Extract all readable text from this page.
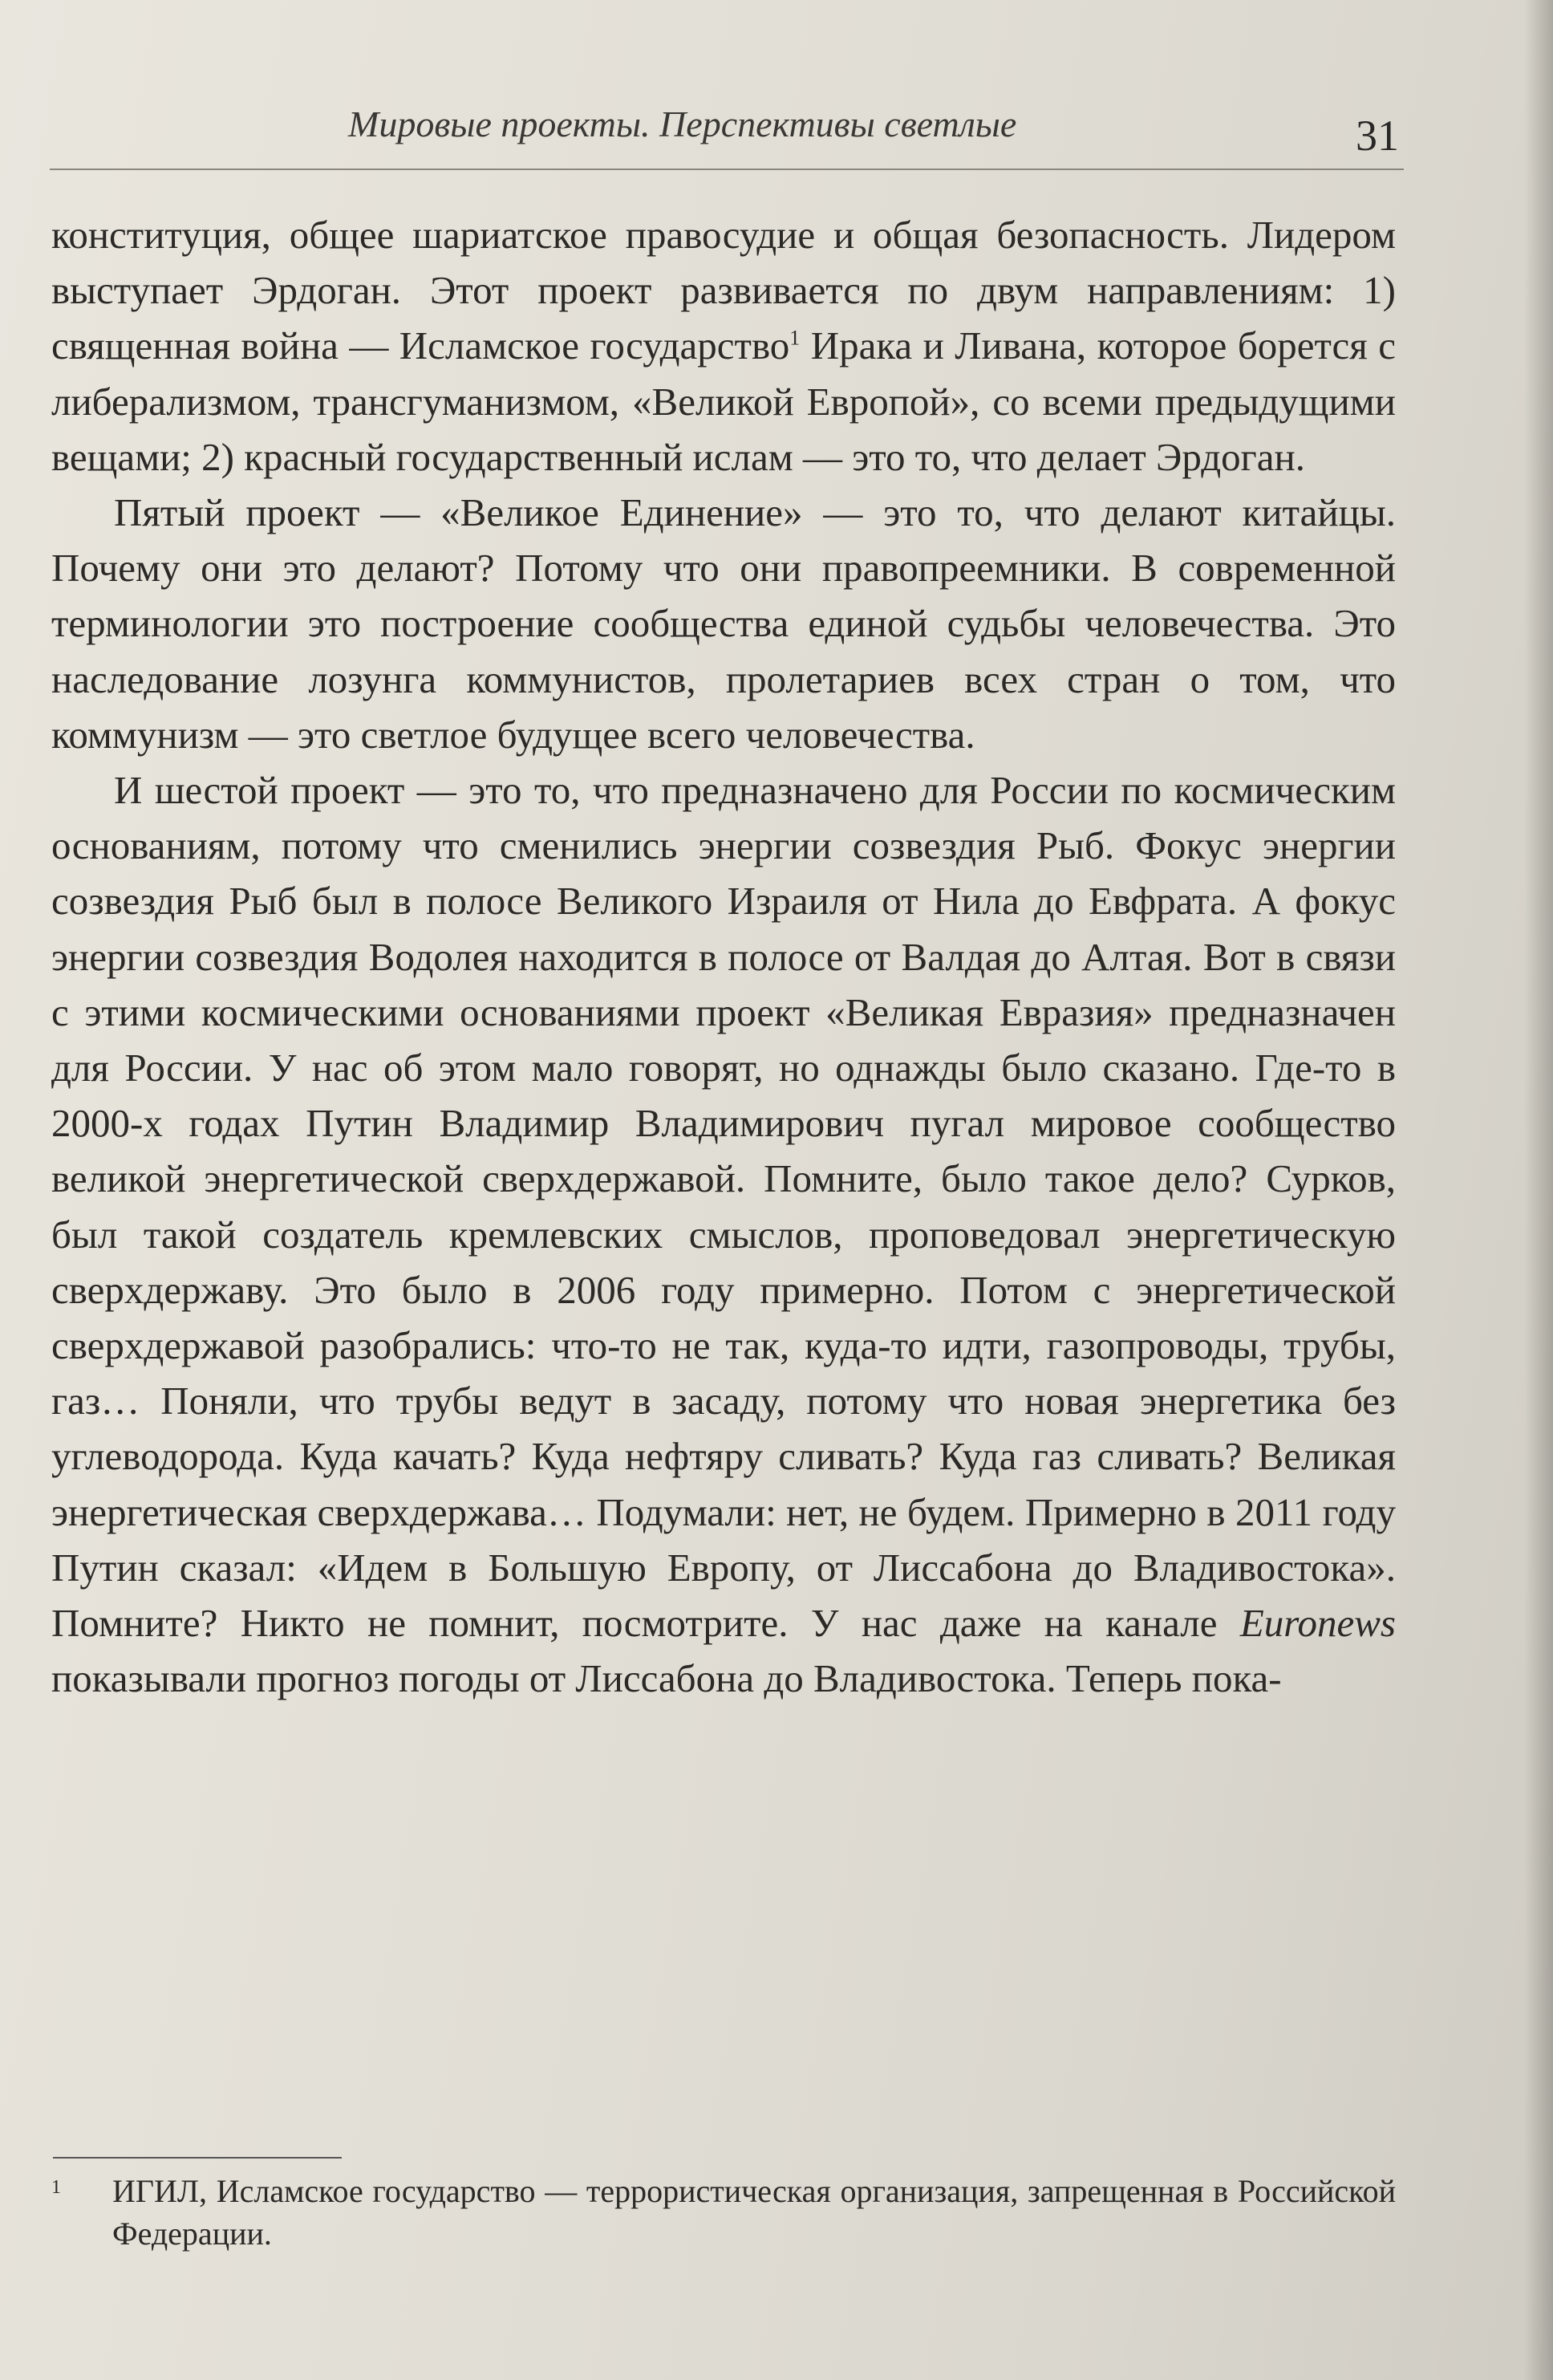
Мировые проекты. Перспективы светлые	31

конституция, общее шариатское правосудие и общая безопасность. Лидером выступает Эрдоган. Этот проект развивается по двум направлениям: 1) священная война — Исламское государство$^1$ Ирака и Ливана, которое борется с либерализмом, трансгуманизмом, «Великой Европой», со всеми предыдущими вещами; 2) красный государственный ислам — это то, что делает Эрдоган.

Пятый проект — «Великое Единение» — это то, что делают китайцы. Почему они это делают? Потому что они правопреемники. В современной терминологии это построение сообщества единой судьбы человечества. Это наследование лозунга коммунистов, пролетариев всех стран о том, что коммунизм — это светлое будущее всего человечества.

И шестой проект — это то, что предназначено для России по космическим основаниям, потому что сменились энергии созвездия Рыб. Фокус энергии созвездия Рыб был в полосе Великого Израиля от Нила до Евфрата. А фокус энергии созвездия Водолея находится в полосе от Валдая до Алтая. Вот в связи с этими космическими основаниями проект «Великая Евразия» предназначен для России. У нас об этом мало говорят, но однажды было сказано. Где-то в 2000-х годах Путин Владимир Владимирович пугал мировое сообщество великой энергетической сверхдержавой. Помните, было такое дело? Сурков, был такой создатель кремлевских смыслов, проповедовал энергетическую сверхдержаву. Это было в 2006 году примерно. Потом с энергетической сверхдержавой разобрались: что-то не так, куда-то идти, газопроводы, трубы, газ… Поняли, что трубы ведут в засаду, потому что новая энергетика без углеводорода. Куда качать? Куда нефтяру сливать? Куда газ сливать? Великая энергетическая сверхдержава… Подумали: нет, не будем. Примерно в 2011 году Путин сказал: «Идем в Большую Европу, от Лиссабона до Владивостока». Помните? Никто не помнит, посмотрите. У нас даже на канале Euronews показывали прогноз погоды от Лиссабона до Владивостока. Теперь пока-

1 ИГИЛ, Исламское государство — террористическая организация, запрещенная в Российской Федерации.
